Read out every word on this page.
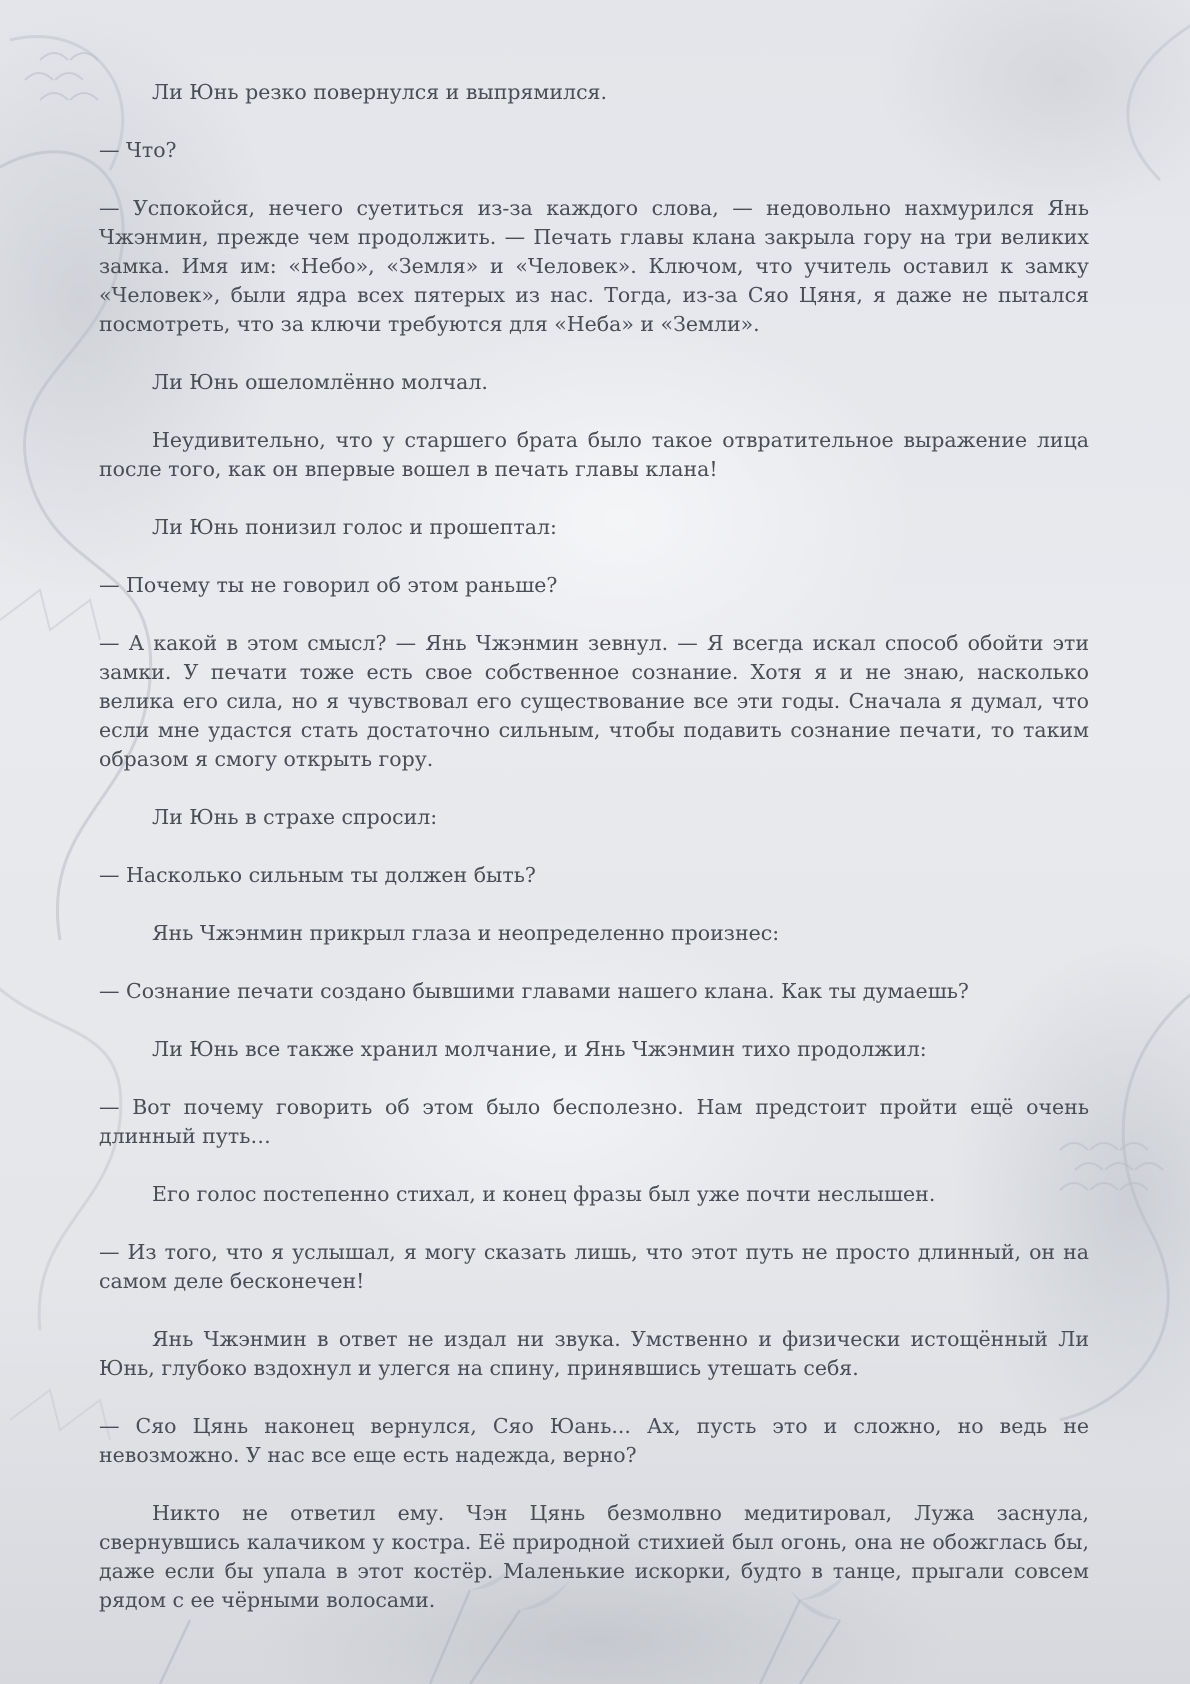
Ли Юнь резко повернулся и выпрямился.

— Что?

— Успокойся, нечего суетиться из-за каждого слова, — недовольно нахмурился Янь Чжэнмин, прежде чем продолжить. — Печать главы клана закрыла гору на три великих замка. Имя им: «Небо», «Земля» и «Человек». Ключом, что учитель оставил к замку «Человек», были ядра всех пятерых из нас. Тогда, из-за Сяо Цяня, я даже не пытался посмотреть, что за ключи требуются для «Неба» и «Земли».

Ли Юнь ошеломлённо молчал.

Неудивительно, что у старшего брата было такое отвратительное выражение лица после того, как он впервые вошел в печать главы клана!

Ли Юнь понизил голос и прошептал:

— Почему ты не говорил об этом раньше?

— А какой в этом смысл? — Янь Чжэнмин зевнул. — Я всегда искал способ обойти эти замки. У печати тоже есть свое собственное сознание. Хотя я и не знаю, насколько велика его сила, но я чувствовал его существование все эти годы. Сначала я думал, что если мне удастся стать достаточно сильным, чтобы подавить сознание печати, то таким образом я смогу открыть гору.

Ли Юнь в страхе спросил:

— Насколько сильным ты должен быть?

Янь Чжэнмин прикрыл глаза и неопределенно произнес:

— Сознание печати создано бывшими главами нашего клана. Как ты думаешь?

Ли Юнь все также хранил молчание, и Янь Чжэнмин тихо продолжил:

— Вот почему говорить об этом было бесполезно. Нам предстоит пройти ещё очень длинный путь…

Его голос постепенно стихал, и конец фразы был уже почти неслышен.

— Из того, что я услышал, я могу сказать лишь, что этот путь не просто длинный, он на самом деле бесконечен!

Янь Чжэнмин в ответ не издал ни звука. Умственно и физически истощённый Ли Юнь, глубоко вздохнул и улегся на спину, принявшись утешать себя.

— Сяо Цянь наконец вернулся, Сяо Юань... Ах, пусть это и сложно, но ведь не невозможно. У нас все еще есть надежда, верно?

Никто не ответил ему. Чэн Цянь безмолвно медитировал, Лужа заснула, свернувшись калачиком у костра. Её природной стихией был огонь, она не обожглась бы, даже если бы упала в этот костёр. Маленькие искорки, будто в танце, прыгали совсем рядом с ее чёрными волосами.
